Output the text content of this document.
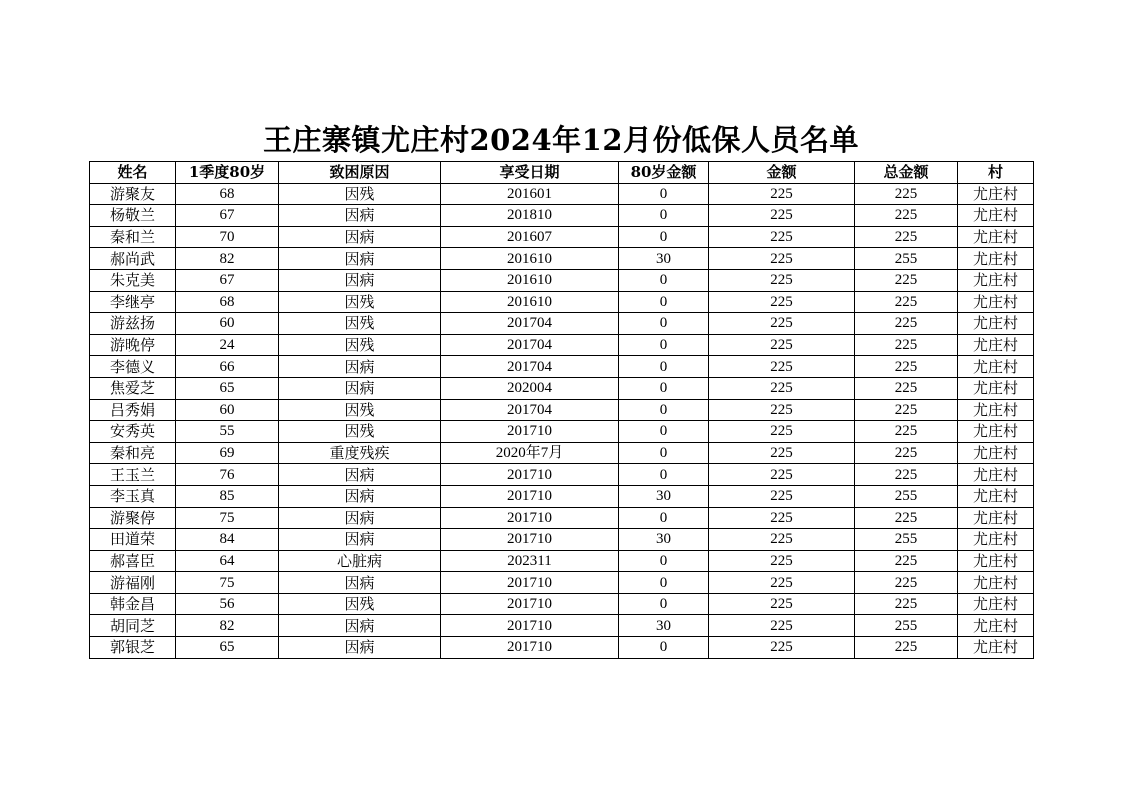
王庄寨镇尤庄村2024年12月份低保人员名单
姓名	1季度80岁	致困原因	享受日期	80岁金额	金额	总金额	村
游聚友	68	因残	201601	0	225	225	尤庄村
杨敬兰	67	因病	201810	0	225	225	尤庄村
秦和兰	70	因病	201607	0	225	225	尤庄村
郝尚武	82	因病	201610	30	225	255	尤庄村
朱克美	67	因病	201610	0	225	225	尤庄村
李继亭	68	因残	201610	0	225	225	尤庄村
游兹扬	60	因残	201704	0	225	225	尤庄村
游晚停	24	因残	201704	0	225	225	尤庄村
李德义	66	因病	201704	0	225	225	尤庄村
焦爱芝	65	因病	202004	0	225	225	尤庄村
吕秀娟	60	因残	201704	0	225	225	尤庄村
安秀英	55	因残	201710	0	225	225	尤庄村
秦和亮	69	重度残疾	2020年7月	0	225	225	尤庄村
王玉兰	76	因病	201710	0	225	225	尤庄村
李玉真	85	因病	201710	30	225	255	尤庄村
游聚停	75	因病	201710	0	225	225	尤庄村
田道荣	84	因病	201710	30	225	255	尤庄村
郝喜臣	64	心脏病	202311	0	225	225	尤庄村
游福刚	75	因病	201710	0	225	225	尤庄村
韩金昌	56	因残	201710	0	225	225	尤庄村
胡同芝	82	因病	201710	30	225	255	尤庄村
郭银芝	65	因病	201710	0	225	225	尤庄村
